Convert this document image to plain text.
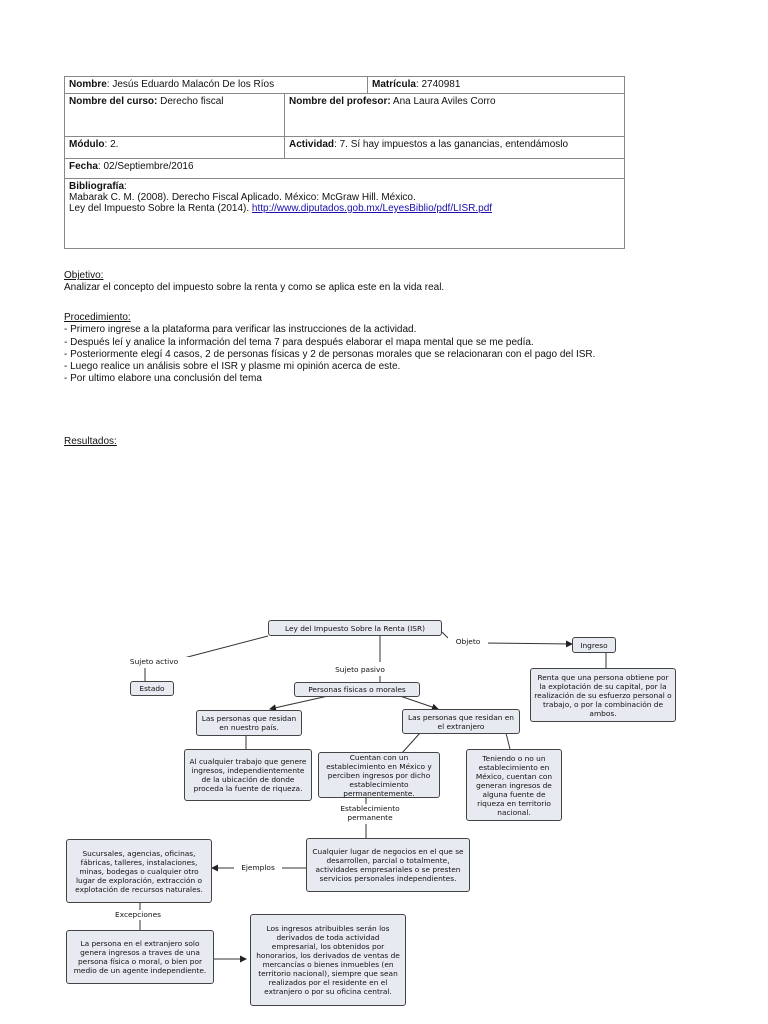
Nombre: Jesús Eduardo Malacón De los Ríos		Matrícula: 2740981
Nombre del curso: Derecho fiscal	Nombre del profesor: Ana Laura Aviles Corro	
Módulo: 2.	Actividad: 7. Sí hay impuestos a las ganancias, entendámoslo	
Fecha: 02/Septiembre/2016		
Bibliografía:
Mabarak C. M. (2008). Derecho Fiscal Aplicado. México: McGraw Hill. México.
Ley del Impuesto Sobre la Renta (2014). http://www.diputados.gob.mx/LeyesBiblio/pdf/LISR.pdf		
Objetivo:
Analizar el concepto del impuesto sobre la renta y como se aplica este en la vida real.
Procedimiento:
- Primero ingrese a la plataforma para verificar las instrucciones de la actividad.
- Después leí y analice la información del tema 7 para después elaborar el mapa mental que se me pedía.
- Posteriormente elegí 4 casos, 2 de personas físicas y 2 de personas morales que se relacionaran con el pago del ISR.
- Luego realice un análisis sobre el ISR y plasme mi opinión acerca de este.
- Por ultimo elabore una conclusión del tema
Resultados:
Ley del Impuesto Sobre la Renta (ISR)
Sujeto activo
Estado
Sujeto pasivo
Personas físicas o morales
Objeto	Ingreso
Renta que una persona obtiene por la explotación de su capital, por la realización de su esfuerzo personal o trabajo, o por la combinación de ambos.
Las personas que residan en nuestro país.
Las personas que residan en el extranjero
Al cualquier trabajo que genere ingresos, independientemente de la ubicación de donde proceda la fuente de riqueza.
Cuentan con un establecimiento en México y perciben ingresos por dicho establecimiento permanentemente.
Teniendo o no un establecimiento en México, cuentan con generan ingresos de alguna fuente de riqueza en territorio nacional.
Establecimiento permanente
Cualquier lugar de negocios en el que se desarrollen, parcial o totalmente, actividades empresariales o se presten servicios personales independientes.
Ejemplos
Sucursales, agencias, oficinas, fábricas, talleres, instalaciones, minas, bodegas o cualquier otro lugar de exploración, extracción o explotación de recursos naturales.
Excepciones
La persona en el extranjero solo genera ingresos a traves de una persona física o moral, o bien por medio de un agente independiente.
Los ingresos atribuibles serán los derivados de toda actividad empresarial, los obtenidos por honorarios, los derivados de ventas de mercancías o bienes inmuebles (en territorio nacional), siempre que sean realizados por el residente en el extranjero o por su oficina central.
